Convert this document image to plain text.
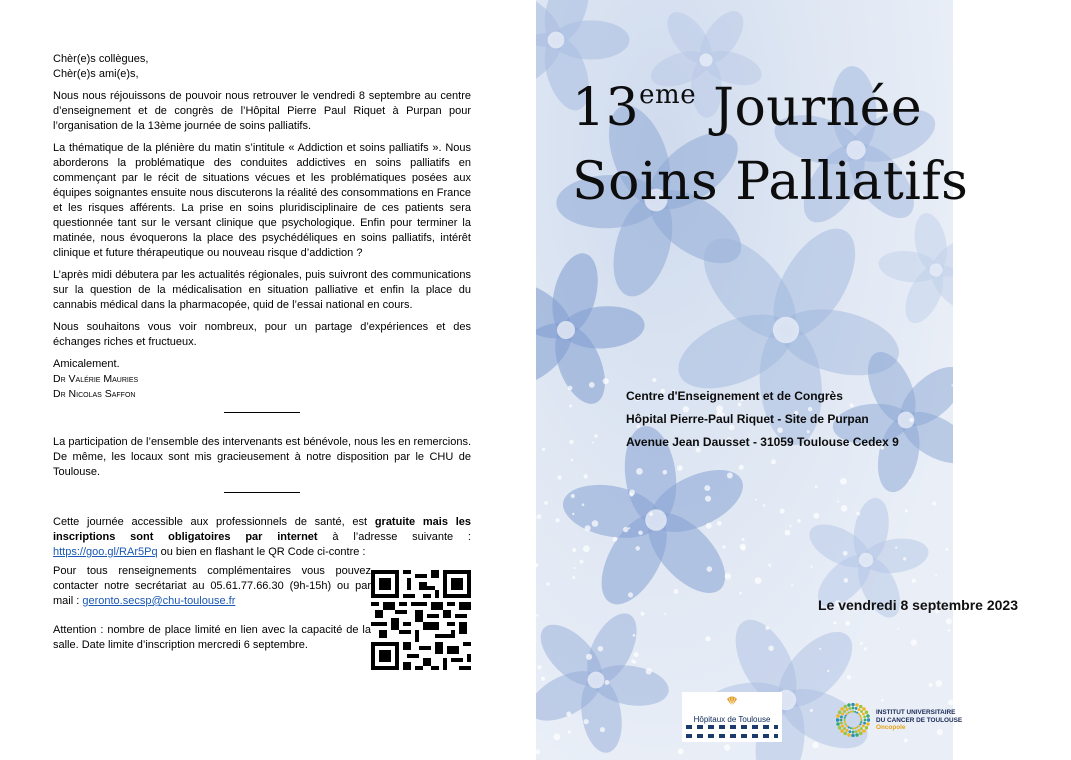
Chèr(e)s collègues,
Chèr(e)s ami(e)s,

Nous nous réjouissons de pouvoir nous retrouver le vendredi 8 septembre au centre d’enseignement et de congrès de l’Hôpital Pierre Paul Riquet à Purpan pour l’organisation de la 13ème journée de soins palliatifs.

La thématique de la plénière du matin s’intitule « Addiction et soins palliatifs ». Nous aborderons la problématique des conduites addictives en soins palliatifs en commençant par le récit de situations vécues et les problématiques posées aux équipes soignantes ensuite nous discuterons la réalité des consommations en France et les risques afférents. La prise en soins pluridisciplinaire de ces patients sera questionnée tant sur le versant clinique que psychologique. Enfin pour terminer la matinée, nous évoquerons la place des psychédéliques en soins palliatifs, intérêt clinique et future thérapeutique ou nouveau risque d’addiction ?

L’après midi débutera par les actualités régionales, puis suivront des communications sur la question de la médicalisation en situation palliative et enfin la place du cannabis médical dans la pharmacopée, quid de l’essai national en cours.

Nous souhaitons vous voir nombreux, pour un partage d’expériences et des échanges riches et fructueux.

Amicalement.
Dr Valérie Mauries
Dr Nicolas Saffon

La participation de l’ensemble des intervenants est bénévole, nous les en remercions. De même, les locaux sont mis gracieusement à notre disposition par le CHU de Toulouse.

Cette journée accessible aux professionnels de santé, est gratuite mais les inscriptions sont obligatoires par internet à l’adresse suivante : https://goo.gl/RAr5Pq ou bien en flashant le QR Code ci-contre :

Pour tous renseignements complémentaires vous pouvez contacter notre secrétariat au 05.61.77.66.30 (9h-15h) ou par mail : geronto.secsp@chu-toulouse.fr

Attention : nombre de place limité en lien avec la capacité de la salle. Date limite d’inscription mercredi 6 septembre.

13eme Journée
Soins Palliatifs
Centre d'Enseignement et de Congrès
Hôpital Pierre-Paul Riquet - Site de Purpan
Avenue Jean Dausset - 31059 Toulouse Cedex 9
Le vendredi 8 septembre 2023
Hôpitaux de Toulouse
INSTITUT UNIVERSITAIRE
DU CANCER DE TOULOUSE
Oncopole
